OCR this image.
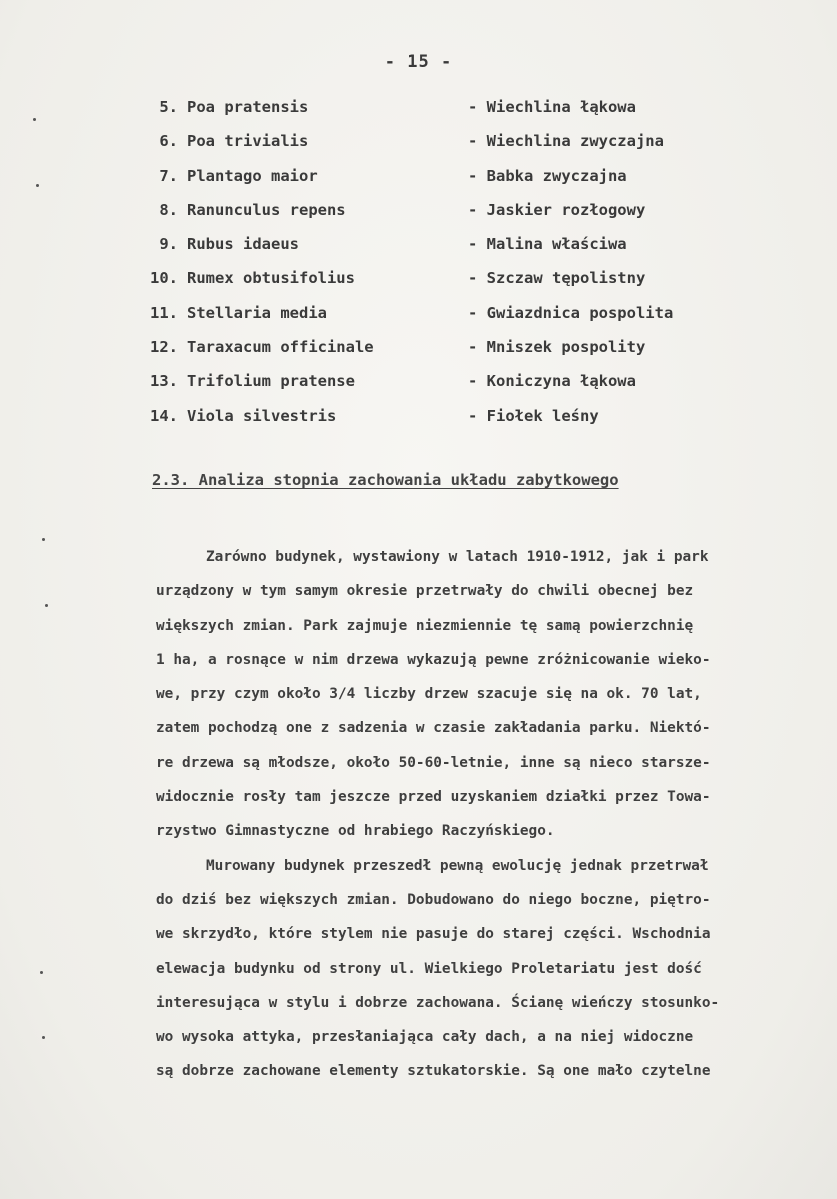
- 15 -
5. Poa pratensis	- Wiechlina łąkowa
6. Poa trivialis	- Wiechlina zwyczajna
7. Plantago maior	- Babka zwyczajna
8. Ranunculus repens	- Jaskier rozłogowy
9. Rubus idaeus	- Malina właściwa
10. Rumex obtusifolius	- Szczaw tępolistny
11. Stellaria media	- Gwiazdnica pospolita
12. Taraxacum officinale	- Mniszek pospolity
13. Trifolium pratense	- Koniczyna łąkowa
14. Viola silvestris	- Fiołek leśny
2.3. Analiza stopnia zachowania układu zabytkowego
Zarówno budynek, wystawiony w latach 1910-1912, jak i park
urządzony w tym samym okresie przetrwały do chwili obecnej bez
większych zmian. Park zajmuje niezmiennie tę samą powierzchnię
1 ha, a rosnące w nim drzewa wykazują pewne zróżnicowanie wieko-
we, przy czym około 3/4 liczby drzew szacuje się na ok. 70 lat,
zatem pochodzą one z sadzenia w czasie zakładania parku. Niektó-
re drzewa są młodsze, około 50-60-letnie, inne są nieco starsze-
widocznie rosły tam jeszcze przed uzyskaniem działki przez Towa-
rzystwo Gimnastyczne od hrabiego Raczyńskiego.
Murowany budynek przeszedł pewną ewolucję jednak przetrwał
do dziś bez większych zmian. Dobudowano do niego boczne, piętro-
we skrzydło, które stylem nie pasuje do starej części. Wschodnia
elewacja budynku od strony ul. Wielkiego Proletariatu jest dość
interesująca w stylu i dobrze zachowana. Ścianę wieńczy stosunko-
wo wysoka attyka, przesłaniająca cały dach, a na niej widoczne
są dobrze zachowane elementy sztukatorskie. Są one mało czytelne
